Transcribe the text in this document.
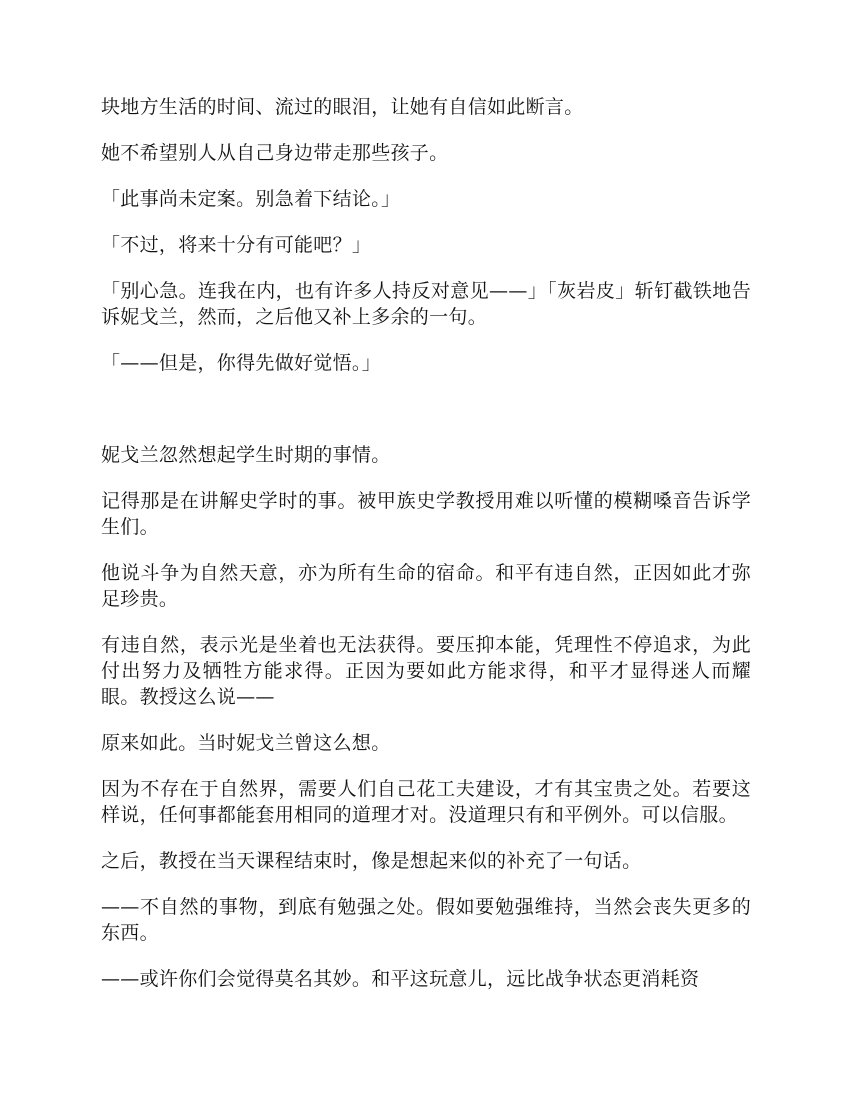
块地方生活的时间、流过的眼泪，让她有自信如此断言。

她不希望别人从自己身边带走那些孩子。

「此事尚未定案。别急着下结论。」

「不过，将来十分有可能吧？」

「别心急。连我在内，也有许多人持反对意见——」「灰岩皮」斩钉截铁地告诉妮戈兰，然而，之后他又补上多余的一句。

「——但是，你得先做好觉悟。」

妮戈兰忽然想起学生时期的事情。

记得那是在讲解史学时的事。被甲族史学教授用难以听懂的模糊嗓音告诉学生们。

他说斗争为自然天意，亦为所有生命的宿命。和平有违自然，正因如此才弥足珍贵。

有违自然，表示光是坐着也无法获得。要压抑本能，凭理性不停追求，为此付出努力及牺牲方能求得。正因为要如此方能求得，和平才显得迷人而耀眼。教授这么说——

原来如此。当时妮戈兰曾这么想。

因为不存在于自然界，需要人们自己花工夫建设，才有其宝贵之处。若要这样说，任何事都能套用相同的道理才对。没道理只有和平例外。可以信服。

之后，教授在当天课程结束时，像是想起来似的补充了一句话。

——不自然的事物，到底有勉强之处。假如要勉强维持，当然会丧失更多的东西。

——或许你们会觉得莫名其妙。和平这玩意儿，远比战争状态更消耗资
